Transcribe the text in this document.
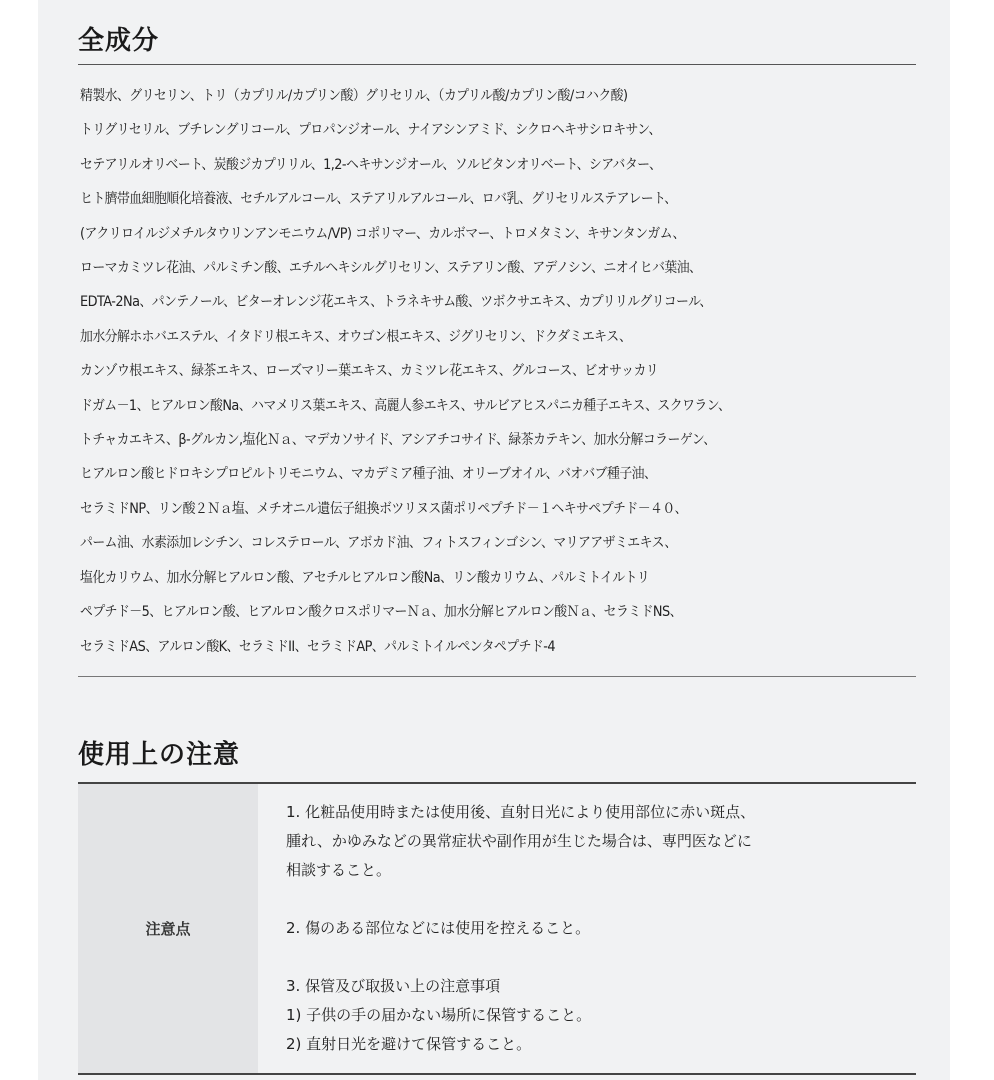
全成分
精製水、グリセリン、トリ（カプリル/カプリン酸）グリセリル、（カプリル酸/カプリン酸/コハク酸)
トリグリセリル、ブチレングリコール、プロパンジオール、ナイアシンアミド、シクロヘキサシロキサン、
セテアリルオリベート、炭酸ジカプリリル、1,2-ヘキサンジオール、ソルビタンオリベート、シアバター、
ヒト臍帯血細胞順化培養液、セチルアルコール、ステアリルアルコール、ロバ乳、グリセリルステアレート、
(アクリロイルジメチルタウリンアンモニウム/VP) コポリマー、カルボマー、トロメタミン、キサンタンガム、
ローマカミツレ花油、パルミチン酸、エチルヘキシルグリセリン、ステアリン酸、アデノシン、ニオイヒバ葉油、
EDTA-2Na、パンテノール、ビターオレンジ花エキス、トラネキサム酸、ツボクサエキス、カプリリルグリコール、
加水分解ホホバエステル、イタドリ根エキス、オウゴン根エキス、ジグリセリン、ドクダミエキス、
カンゾウ根エキス、緑茶エキス、ローズマリー葉エキス、カミツレ花エキス、グルコース、ビオサッカリ
ドガム－1、ヒアルロン酸Na、ハマメリス葉エキス、高麗人参エキス、サルビアヒスパニカ種子エキス、スクワラン、
トチャカエキス、β-グルカン,塩化Ｎａ、マデカソサイド、アシアチコサイド、緑茶カテキン、加水分解コラーゲン、
ヒアルロン酸ヒドロキシプロピルトリモニウム、マカデミア種子油、オリーブオイル、バオバブ種子油、
セラミドNP、リン酸２Ｎａ塩、メチオニル遺伝子組換ボツリヌス菌ポリペプチド－１ヘキサペプチド－４０、
パーム油、水素添加レシチン、コレステロール、アボカド油、フィトスフィンゴシン、マリアアザミエキス、
塩化カリウム、加水分解ヒアルロン酸、アセチルヒアルロン酸Na、リン酸カリウム、パルミトイルトリ
ペプチド－5、ヒアルロン酸、ヒアルロン酸クロスポリマーＮａ、加水分解ヒアルロン酸Ｎａ、セラミドNS、
セラミドAS、アルロン酸K、セラミドII、セラミドAP、パルミトイルペンタペプチド-4
使用上の注意
注意点
1. 化粧品使用時または使用後、直射日光により使用部位に赤い斑点、
腫れ、かゆみなどの異常症状や副作用が生じた場合は、専門医などに
相談すること。
2. 傷のある部位などには使用を控えること。
3. 保管及び取扱い上の注意事項
1) 子供の手の届かない場所に保管すること。
2) 直射日光を避けて保管すること。
